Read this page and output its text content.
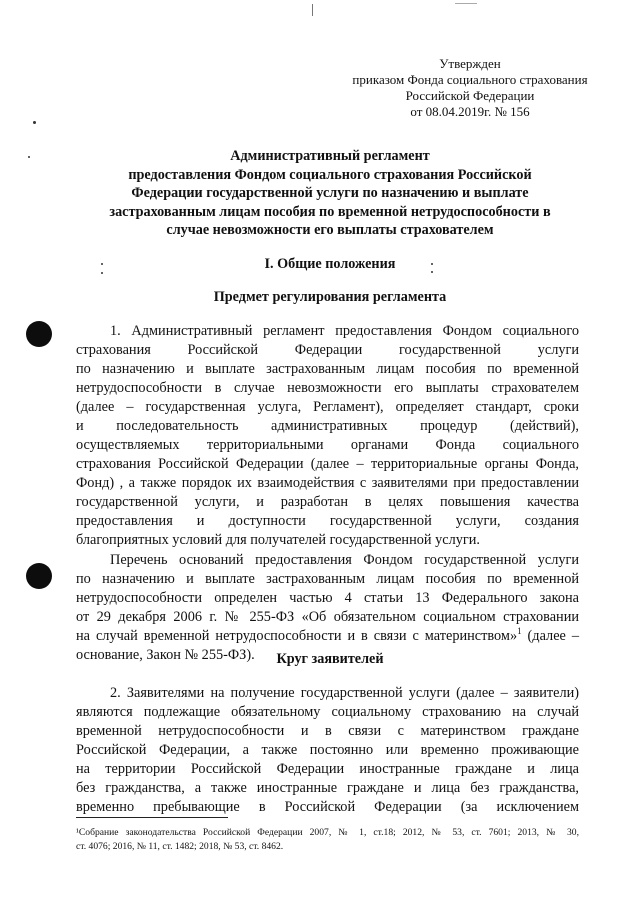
Утвержден
приказом Фонда социального страхования
Российской Федерации
от 08.04.2019г. № 156
Административный регламент
предоставления Фондом социального страхования Российской
Федерации государственной услуги по назначению и выплате
застрахованным лицам пособия по временной нетрудоспособности в
случае невозможности его выплаты страхователем
I. Общие положения
Предмет регулирования регламента
1. Административный регламент предоставления Фондом социального
страхования Российской Федерации государственной услуги
по назначению и выплате застрахованным лицам пособия по временной
нетрудоспособности в случае невозможности его выплаты страхователем
(далее – государственная услуга, Регламент), определяет стандарт, сроки
и последовательность административных процедур (действий),
осуществляемых территориальными органами Фонда социального
страхования Российской Федерации (далее – территориальные органы Фонда,
Фонд) , а также порядок их взаимодействия с заявителями при предоставлении
государственной услуги, и разработан в целях повышения качества
предоставления и доступности государственной услуги, создания
благоприятных условий для получателей государственной услуги.
Перечень оснований предоставления Фондом государственной услуги
по назначению и выплате застрахованным лицам пособия по временной
нетрудоспособности определен частью 4 статьи 13 Федерального закона
от 29 декабря 2006 г. № 255-ФЗ «Об обязательном социальном страховании
на случай временной нетрудоспособности и в связи с материнством»$^1$ (далее –
основание, Закон № 255-ФЗ).	Круг заявителей
2. Заявителями на получение государственной услуги (далее – заявители)
являются подлежащие обязательному социальному страхованию на случай
временной нетрудоспособности и в связи с материнством граждане
Российской Федерации, а также постоянно или временно проживающие
на территории Российской Федерации иностранные граждане и лица
без гражданства, а также иностранные граждане и лица без гражданства,
временно пребывающие в Российской Федерации (за исключением
¹Собрание законодательства Российской Федерации 2007, № 1, ст.18; 2012, № 53, ст. 7601; 2013, № 30,
ст. 4076; 2016, № 11, ст. 1482; 2018, № 53, ст. 8462.
